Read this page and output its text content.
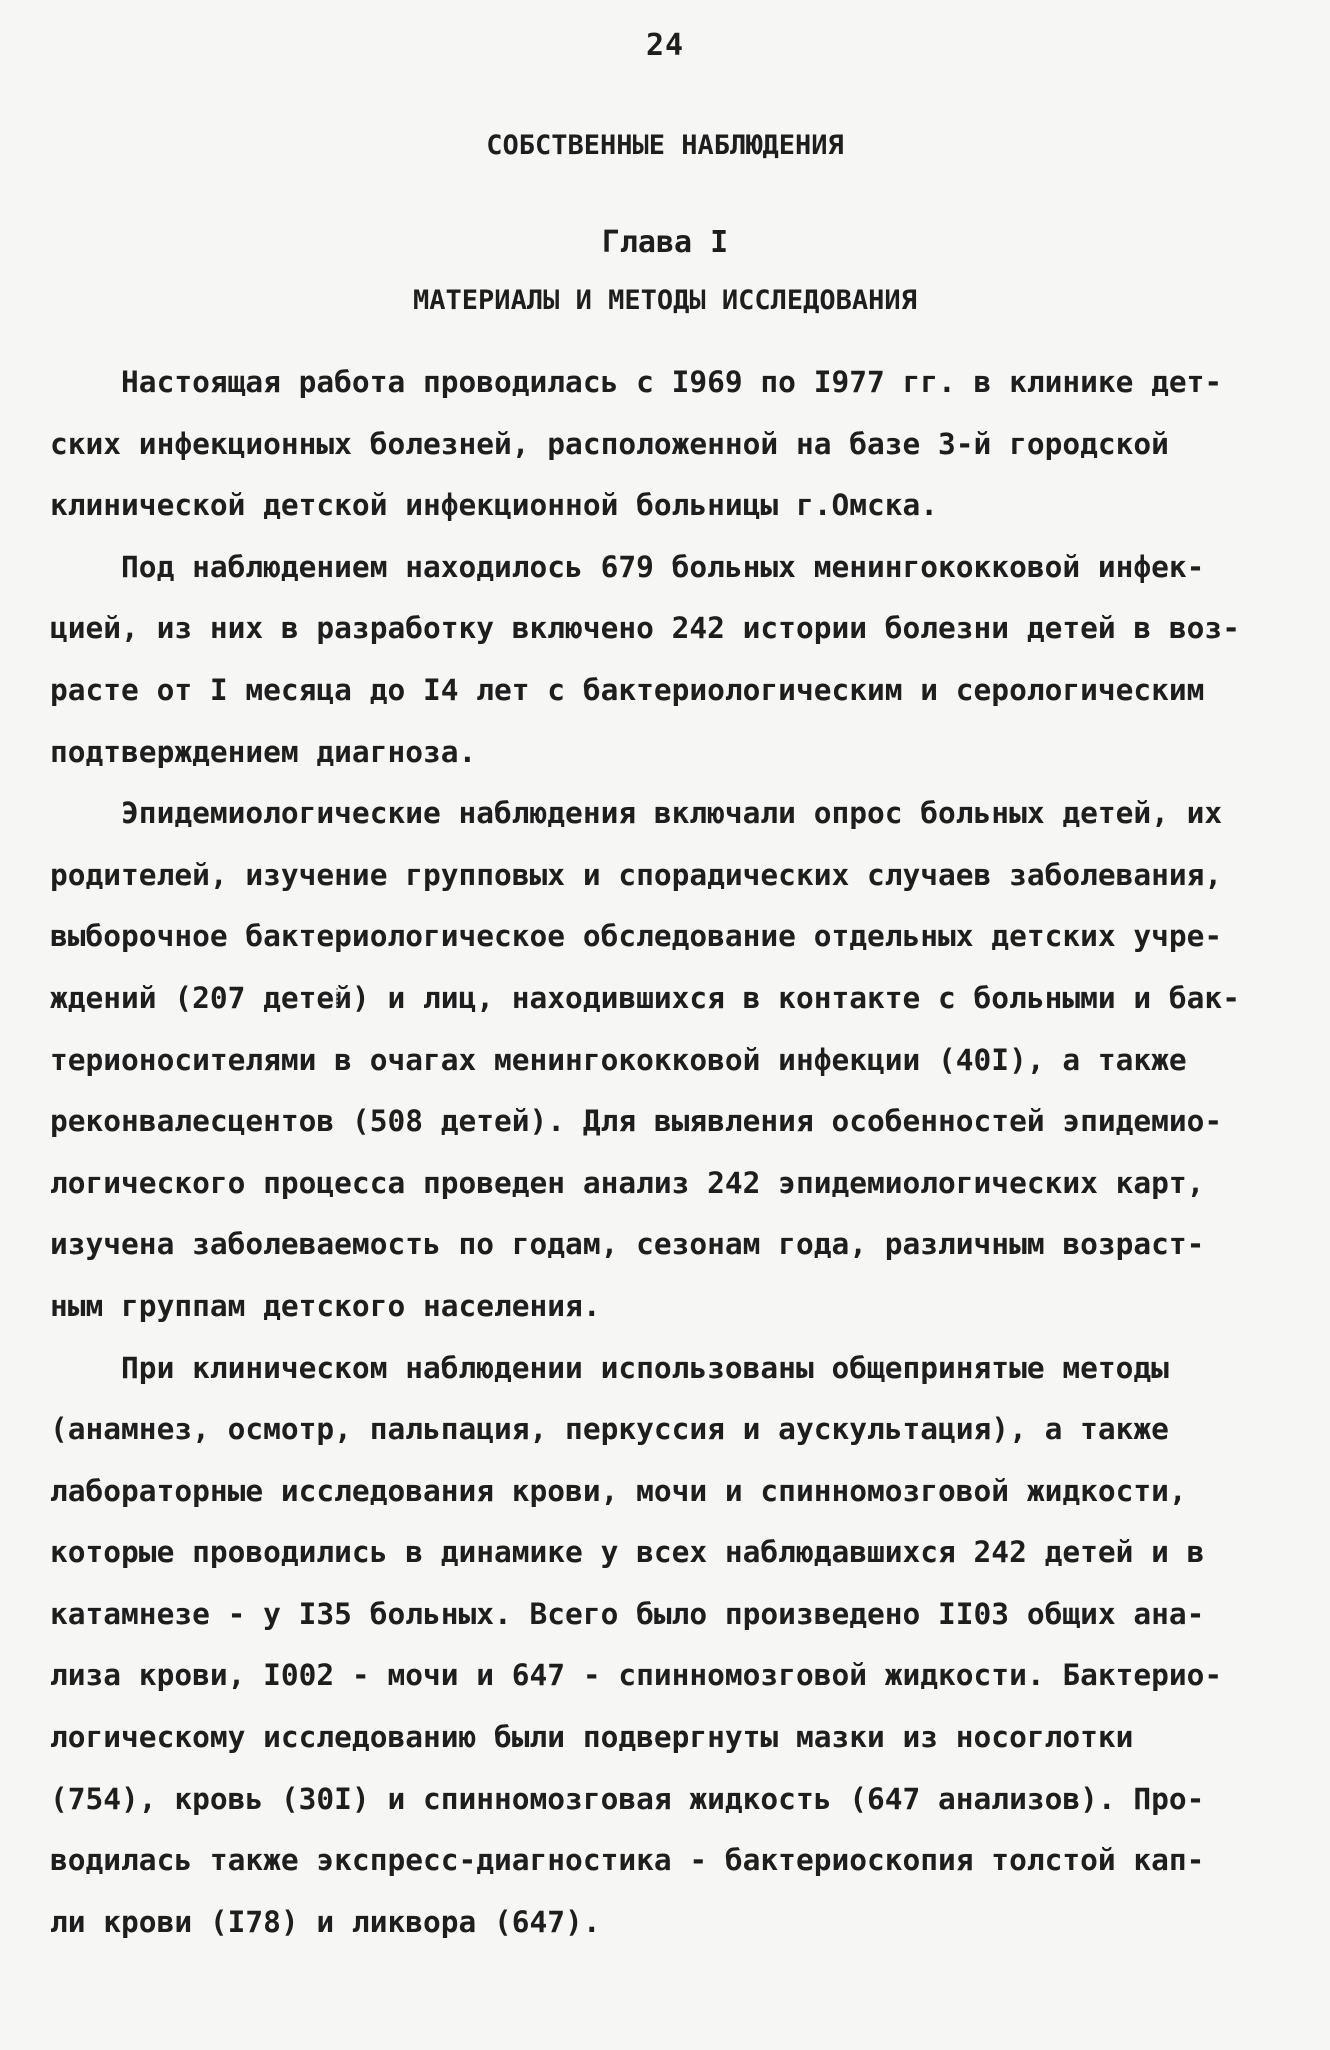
24
СОБСТВЕННЫЕ НАБЛЮДЕНИЯ
Глава I
МАТЕРИАЛЫ И МЕТОДЫ ИССЛЕДОВАНИЯ
Настоящая работа проводилась с I969 по I977 гг. в клинике дет-
ских инфекционных болезней, расположенной на базе 3-й городской
клинической детской инфекционной больницы г.Омска.
Под наблюдением находилось 679 больных менингококковой инфек-
цией, из них в разработку включено 242 истории болезни детей в воз-
расте от I месяца до I4 лет с бактериологическим и серологическим
подтверждением диагноза.
Эпидемиологические наблюдения включали опрос больных детей, их
родителей, изучение групповых и спорадических случаев заболевания,
выборочное бактериологическое обследование отдельных детских учре-
ждений (207 детей) и лиц, находившихся в контакте с больными и бак-
терионосителями в очагах менингококковой инфекции (40I), а также
реконвалесцентов (508 детей). Для выявления особенностей эпидемио-
логического процесса проведен анализ 242 эпидемиологических карт,
изучена заболеваемость по годам, сезонам года, различным возраст-
ным группам детского населения.
При клиническом наблюдении использованы общепринятые методы
(анамнез, осмотр, пальпация, перкуссия и аускультация), а также
лабораторные исследования крови, мочи и спинномозговой жидкости,
которые проводились в динамике у всех наблюдавшихся 242 детей и в
катамнезе - у I35 больных. Всего было произведено II03 общих ана-
лиза крови, I002 - мочи и 647 - спинномозговой жидкости. Бактерио-
логическому исследованию были подвергнуты мазки из носоглотки
(754), кровь (30I) и спинномозговая жидкость (647 анализов). Про-
водилась также экспресс-диагностика - бактериоскопия толстой кап-
ли крови (I78) и ликвора (647).
